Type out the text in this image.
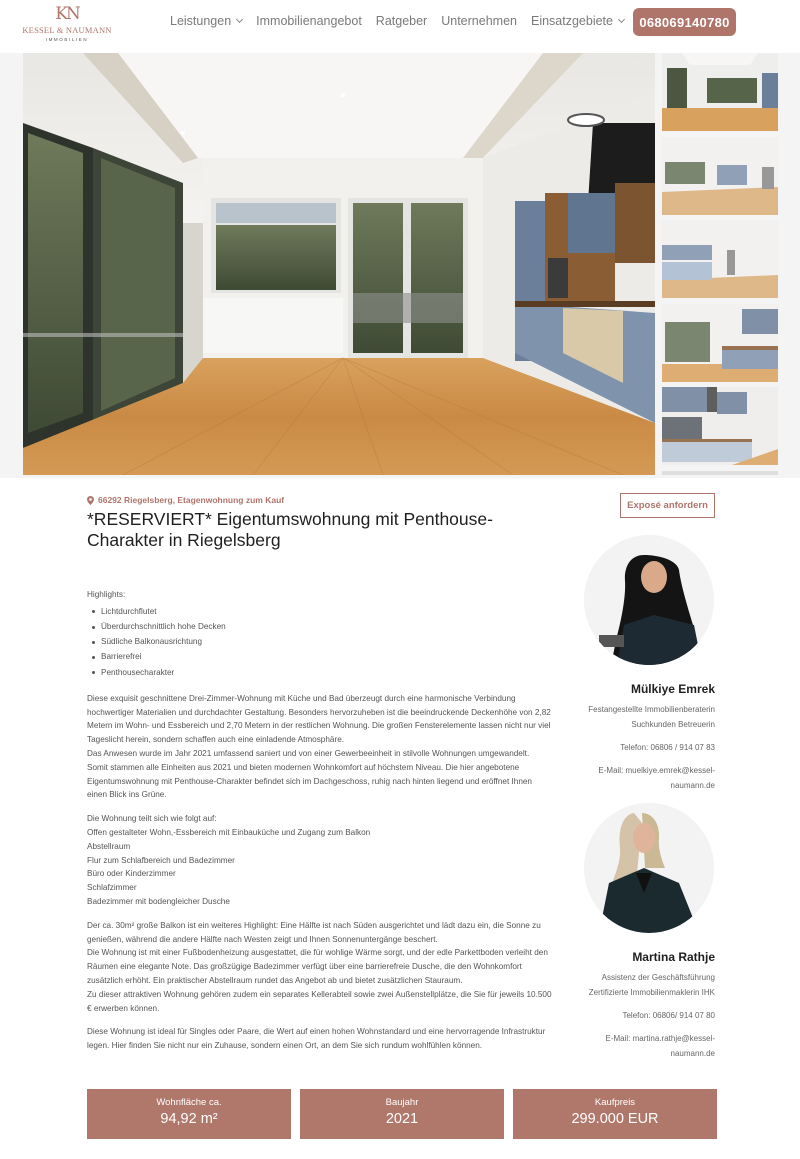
KN
KESSEL & NAUMANN
IMMOBILIEN
Leistungen Immobilienangebot Ratgeber Unternehmen Einsatzgebiete	068069140780
66292 Riegelsberg, Etagenwohnung zum Kauf
*RESERVIERT* Eigentumswohnung mit Penthouse-Charakter in Riegelsberg
Exposé anfordern

Highlights:

Lichtdurchflutet
Überdurchschnittlich hohe Decken
Südliche Balkonausrichtung
Barrierefrei
Penthousecharakter
Diese exquisit geschnittene Drei-Zimmer-Wohnung mit Küche und Bad überzeugt durch eine harmonische Verbindung hochwertiger Materialien und durchdachter Gestaltung. Besonders hervorzuheben ist die beeindruckende Deckenhöhe von 2,82 Metern im Wohn- und Essbereich und 2,70 Metern in der restlichen Wohnung. Die großen Fensterelemente lassen nicht nur viel Tageslicht herein, sondern schaffen auch eine einladende Atmosphäre.
Das Anwesen wurde im Jahr 2021 umfassend saniert und von einer Gewerbeeinheit in stilvolle Wohnungen umgewandelt. Somit stammen alle Einheiten aus 2021 und bieten modernen Wohnkomfort auf höchstem Niveau. Die hier angebotene Eigentumswohnung mit Penthouse-Charakter befindet sich im Dachgeschoss, ruhig nach hinten liegend und eröffnet Ihnen einen Blick ins Grüne.
Die Wohnung teilt sich wie folgt auf:
Offen gestalteter Wohn,-Essbereich mit Einbauküche und Zugang zum Balkon
Abstellraum
Flur zum Schlafbereich und Badezimmer
Büro oder Kinderzimmer
Schlafzimmer
Badezimmer mit bodengleicher Dusche
Der ca. 30m² große Balkon ist ein weiteres Highlight: Eine Hälfte ist nach Süden ausgerichtet und lädt dazu ein, die Sonne zu genießen, während die andere Hälfte nach Westen zeigt und Ihnen Sonnenuntergänge beschert.
Die Wohnung ist mit einer Fußbodenheizung ausgestattet, die für wohlige Wärme sorgt, und der edle Parkettboden verleiht den Räumen eine elegante Note. Das großzügige Badezimmer verfügt über eine barrierefreie Dusche, die den Wohnkomfort zusätzlich erhöht. Ein praktischer Abstellraum rundet das Angebot ab und bietet zusätzlichen Stauraum.
Zu dieser attraktiven Wohnung gehören zudem ein separates Kellerabteil sowie zwei Außenstellplätze, die Sie für jeweils 10.500 € erwerben können.
Diese Wohnung ist ideal für Singles oder Paare, die Wert auf einen hohen Wohnstandard und eine hervorragende Infrastruktur legen. Hier finden Sie nicht nur ein Zuhause, sondern einen Ort, an dem Sie sich rundum wohlfühlen können.
Mülkiye Emrek
Festangestellte Immobilienberaterin
Suchkunden Betreuerin
Telefon: 06806 / 914 07 83
E-Mail: muelkiye.emrek@kessel-
naumann.de
Martina Rathje
Assistenz der Geschäftsführung
Zertifizierte Immobilienmaklerin IHK
Telefon: 06806/ 914 07 80
E-Mail: martina.rathje@kessel-
naumann.de
Wohnfläche ca.
94,92 m²
Baujahr
2021
Kaufpreis
299.000 EUR
